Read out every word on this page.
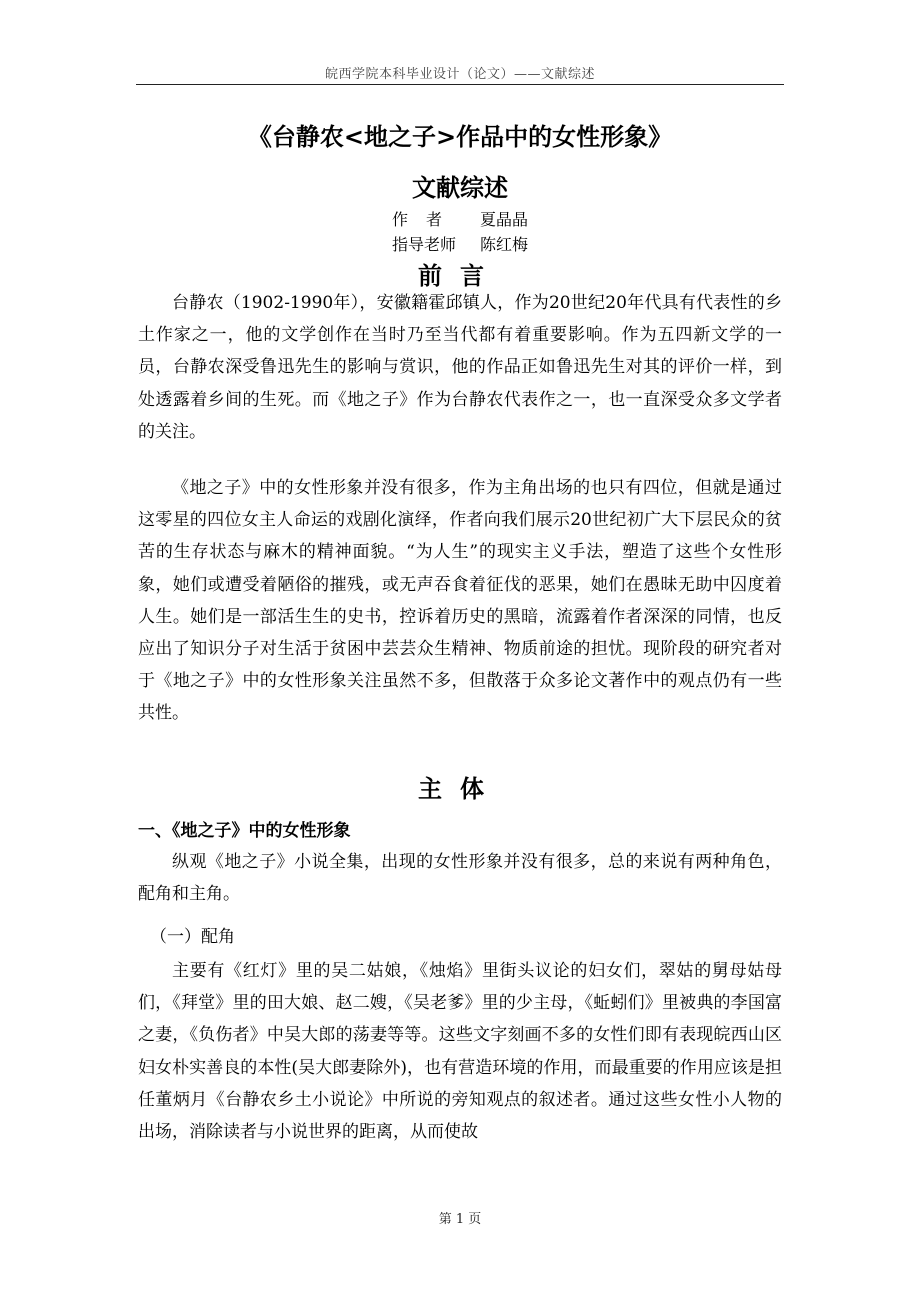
皖西学院本科毕业设计（论文）——文献综述
《台静农<地之子>作品中的女性形象》
文献综述
作者 夏晶晶
指导老师 陈红梅
前言

台静农（1902-1990年），安徽籍霍邱镇人，作为20世纪20年代具有代表性的乡土作家之一，他的文学创作在当时乃至当代都有着重要影响。作为五四新文学的一员，台静农深受鲁迅先生的影响与赏识，他的作品正如鲁迅先生对其的评价一样，到处透露着乡间的生死。而《地之子》作为台静农代表作之一，也一直深受众多文学者的关注。

《地之子》中的女性形象并没有很多，作为主角出场的也只有四位，但就是通过这零星的四位女主人命运的戏剧化演绎，作者向我们展示20世纪初广大下层民众的贫苦的生存状态与麻木的精神面貌。“为人生”的现实主义手法，塑造了这些个女性形象，她们或遭受着陋俗的摧残，或无声吞食着征伐的恶果，她们在愚昧无助中囚度着人生。她们是一部活生生的史书，控诉着历史的黑暗，流露着作者深深的同情，也反应出了知识分子对生活于贫困中芸芸众生精神、物质前途的担忧。现阶段的研究者对于《地之子》中的女性形象关注虽然不多，但散落于众多论文著作中的观点仍有一些共性。

主体
一、《地之子》中的女性形象

纵观《地之子》小说全集，出现的女性形象并没有很多，总的来说有两种角色，配角和主角。

（一）配角

主要有《红灯》里的吴二姑娘，《烛焰》里街头议论的妇女们，翠姑的舅母姑母们，《拜堂》里的田大娘、赵二嫂，《吴老爹》里的少主母，《蚯蚓们》里被典的李国富之妻，《负伤者》中吴大郎的荡妻等等。这些文字刻画不多的女性们即有表现皖西山区妇女朴实善良的本性(吴大郎妻除外)，也有营造环境的作用，而最重要的作用应该是担任董炳月《台静农乡土小说论》中所说的旁知观点的叙述者。通过这些女性小人物的出场，消除读者与小说世界的距离，从而使故

第 1 页
